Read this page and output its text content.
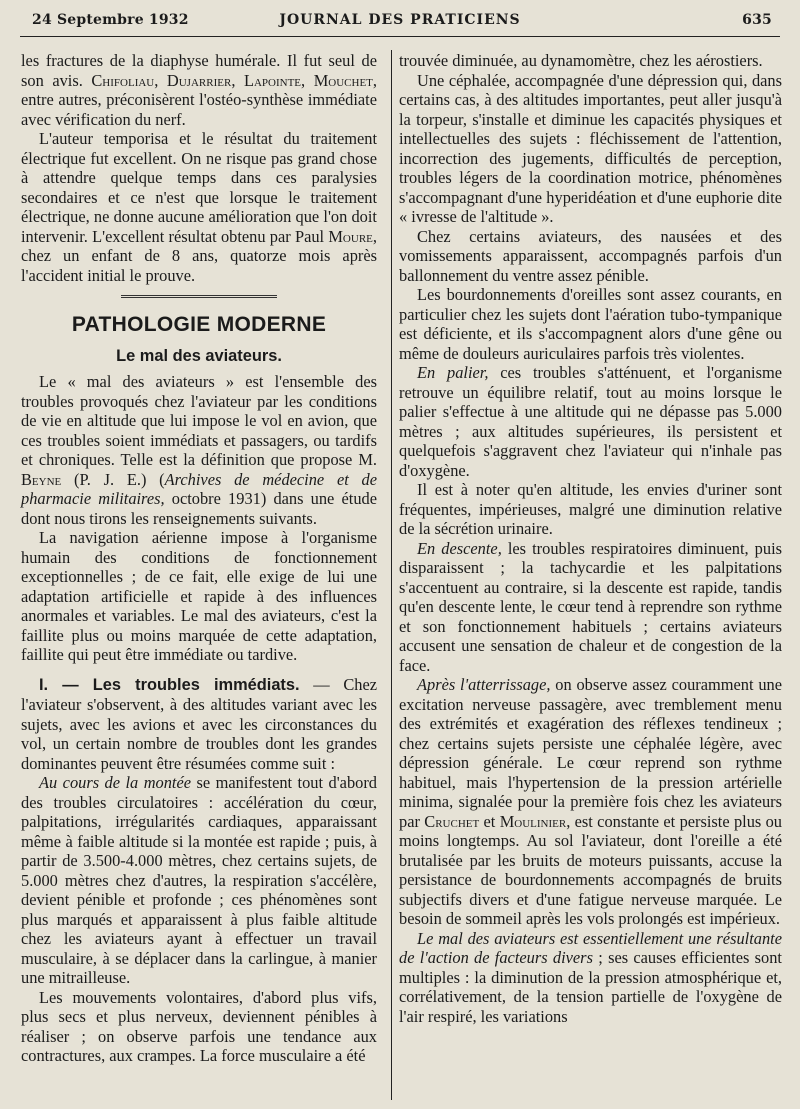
24 Septembre 1932	JOURNAL DES PRATICIENS	635

les fractures de la diaphyse humérale. Il fut seul de son avis. Chifoliau, Dujarrier, Lapointe, Mouchet, entre autres, préconisèrent l'ostéo-synthèse immédiate avec vérification du nerf.

L'auteur temporisa et le résultat du traitement électrique fut excellent. On ne risque pas grand chose à attendre quelque temps dans ces paralysies secondaires et ce n'est que lorsque le traitement électrique, ne donne aucune amélioration que l'on doit intervenir. L'excellent résultat obtenu par Paul Moure, chez un enfant de 8 ans, quatorze mois après l'accident initial le prouve.

PATHOLOGIE MODERNE
Le mal des aviateurs.

Le « mal des aviateurs » est l'ensemble des troubles provoqués chez l'aviateur par les conditions de vie en altitude que lui impose le vol en avion, que ces troubles soient immédiats et passagers, ou tardifs et chroniques. Telle est la définition que propose M. Beyne (P. J. E.) (Archives de médecine et de pharmacie militaires, octobre 1931) dans une étude dont nous tirons les renseignements suivants.

La navigation aérienne impose à l'organisme humain des conditions de fonctionnement exceptionnelles ; de ce fait, elle exige de lui une adaptation artificielle et rapide à des influences anormales et variables. Le mal des aviateurs, c'est la faillite plus ou moins marquée de cette adaptation, faillite qui peut être immédiate ou tardive.

I. — Les troubles immédiats. — Chez l'aviateur s'observent, à des altitudes variant avec les sujets, avec les avions et avec les circonstances du vol, un certain nombre de troubles dont les grandes dominantes peuvent être résumées comme suit :

Au cours de la montée se manifestent tout d'abord des troubles circulatoires : accélération du cœur, palpitations, irrégularités cardiaques, apparaissant même à faible altitude si la montée est rapide ; puis, à partir de 3.500-4.000 mètres, chez certains sujets, de 5.000 mètres chez d'autres, la respiration s'accélère, devient pénible et profonde ; ces phénomènes sont plus marqués et apparaissent à plus faible altitude chez les aviateurs ayant à effectuer un travail musculaire, à se déplacer dans la carlingue, à manier une mitrailleuse.

Les mouvements volontaires, d'abord plus vifs, plus secs et plus nerveux, deviennent pénibles à réaliser ; on observe parfois une tendance aux contractures, aux crampes. La force musculaire a été

trouvée diminuée, au dynamomètre, chez les aérostiers.

Une céphalée, accompagnée d'une dépression qui, dans certains cas, à des altitudes importantes, peut aller jusqu'à la torpeur, s'installe et diminue les capacités physiques et intellectuelles des sujets : fléchissement de l'attention, incorrection des jugements, difficultés de perception, troubles légers de la coordination motrice, phénomènes s'accompagnant d'une hyperidéation et d'une euphorie dite « ivresse de l'altitude ».

Chez certains aviateurs, des nausées et des vomissements apparaissent, accompagnés parfois d'un ballonnement du ventre assez pénible.

Les bourdonnements d'oreilles sont assez courants, en particulier chez les sujets dont l'aération tubo-tympanique est déficiente, et ils s'accompagnent alors d'une gêne ou même de douleurs auriculaires parfois très violentes.

En palier, ces troubles s'atténuent, et l'organisme retrouve un équilibre relatif, tout au moins lorsque le palier s'effectue à une altitude qui ne dépasse pas 5.000 mètres ; aux altitudes supérieures, ils persistent et quelquefois s'aggravent chez l'aviateur qui n'inhale pas d'oxygène.

Il est à noter qu'en altitude, les envies d'uriner sont fréquentes, impérieuses, malgré une diminution relative de la sécrétion urinaire.

En descente, les troubles respiratoires diminuent, puis disparaissent ; la tachycardie et les palpitations s'accentuent au contraire, si la descente est rapide, tandis qu'en descente lente, le cœur tend à reprendre son rythme et son fonctionnement habituels ; certains aviateurs accusent une sensation de chaleur et de congestion de la face.

Après l'atterrissage, on observe assez couramment une excitation nerveuse passagère, avec tremblement menu des extrémités et exagération des réflexes tendineux ; chez certains sujets persiste une céphalée légère, avec dépression générale. Le cœur reprend son rythme habituel, mais l'hypertension de la pression artérielle minima, signalée pour la première fois chez les aviateurs par Cruchet et Moulinier, est constante et persiste plus ou moins longtemps. Au sol l'aviateur, dont l'oreille a été brutalisée par les bruits de moteurs puissants, accuse la persistance de bourdonnements accompagnés de bruits subjectifs divers et d'une fatigue nerveuse marquée. Le besoin de sommeil après les vols prolongés est impérieux.

Le mal des aviateurs est essentiellement une résultante de l'action de facteurs divers ; ses causes efficientes sont multiples : la diminution de la pression atmosphérique et, corrélativement, de la tension partielle de l'oxygène de l'air respiré, les variations
